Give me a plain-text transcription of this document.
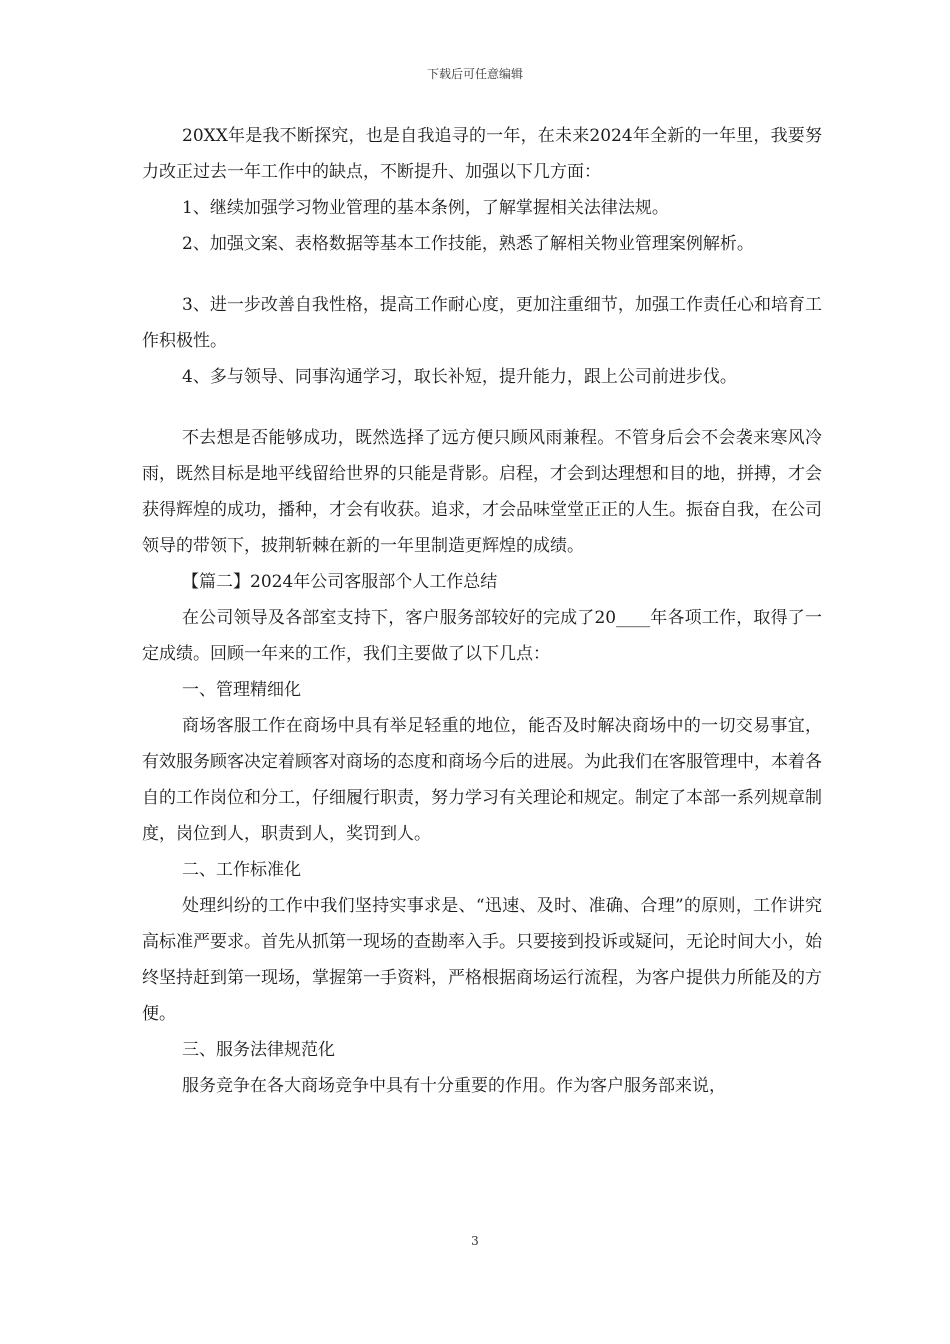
下载后可任意编辑

20XX年是我不断探究，也是自我追寻的一年，在未来2024年全新的一年里，我要努力改正过去一年工作中的缺点，不断提升、加强以下几方面：

1、继续加强学习物业管理的基本条例，了解掌握相关法律法规。

2、加强文案、表格数据等基本工作技能，熟悉了解相关物业管理案例解析。

3、进一步改善自我性格，提高工作耐心度，更加注重细节，加强工作责任心和培育工作积极性。

4、多与领导、同事沟通学习，取长补短，提升能力，跟上公司前进步伐。

不去想是否能够成功，既然选择了远方便只顾风雨兼程。不管身后会不会袭来寒风冷雨，既然目标是地平线留给世界的只能是背影。启程，才会到达理想和目的地，拼搏，才会获得辉煌的成功，播种，才会有收获。追求，才会品味堂堂正正的人生。振奋自我，在公司领导的带领下，披荆斩棘在新的一年里制造更辉煌的成绩。

【篇二】2024年公司客服部个人工作总结

在公司领导及各部室支持下，客户服务部较好的完成了20____年各项工作，取得了一定成绩。回顾一年来的工作，我们主要做了以下几点：

一、管理精细化

商场客服工作在商场中具有举足轻重的地位，能否及时解决商场中的一切交易事宜，有效服务顾客决定着顾客对商场的态度和商场今后的进展。为此我们在客服管理中，本着各自的工作岗位和分工，仔细履行职责，努力学习有关理论和规定。制定了本部一系列规章制度，岗位到人，职责到人，奖罚到人。

二、工作标准化

处理纠纷的工作中我们坚持实事求是、“迅速、及时、准确、合理”的原则，工作讲究高标准严要求。首先从抓第一现场的查勘率入手。只要接到投诉或疑问，无论时间大小，始终坚持赶到第一现场，掌握第一手资料，严格根据商场运行流程，为客户提供力所能及的方便。

三、服务法律规范化

服务竞争在各大商场竞争中具有十分重要的作用。作为客户服务部来说，

3
